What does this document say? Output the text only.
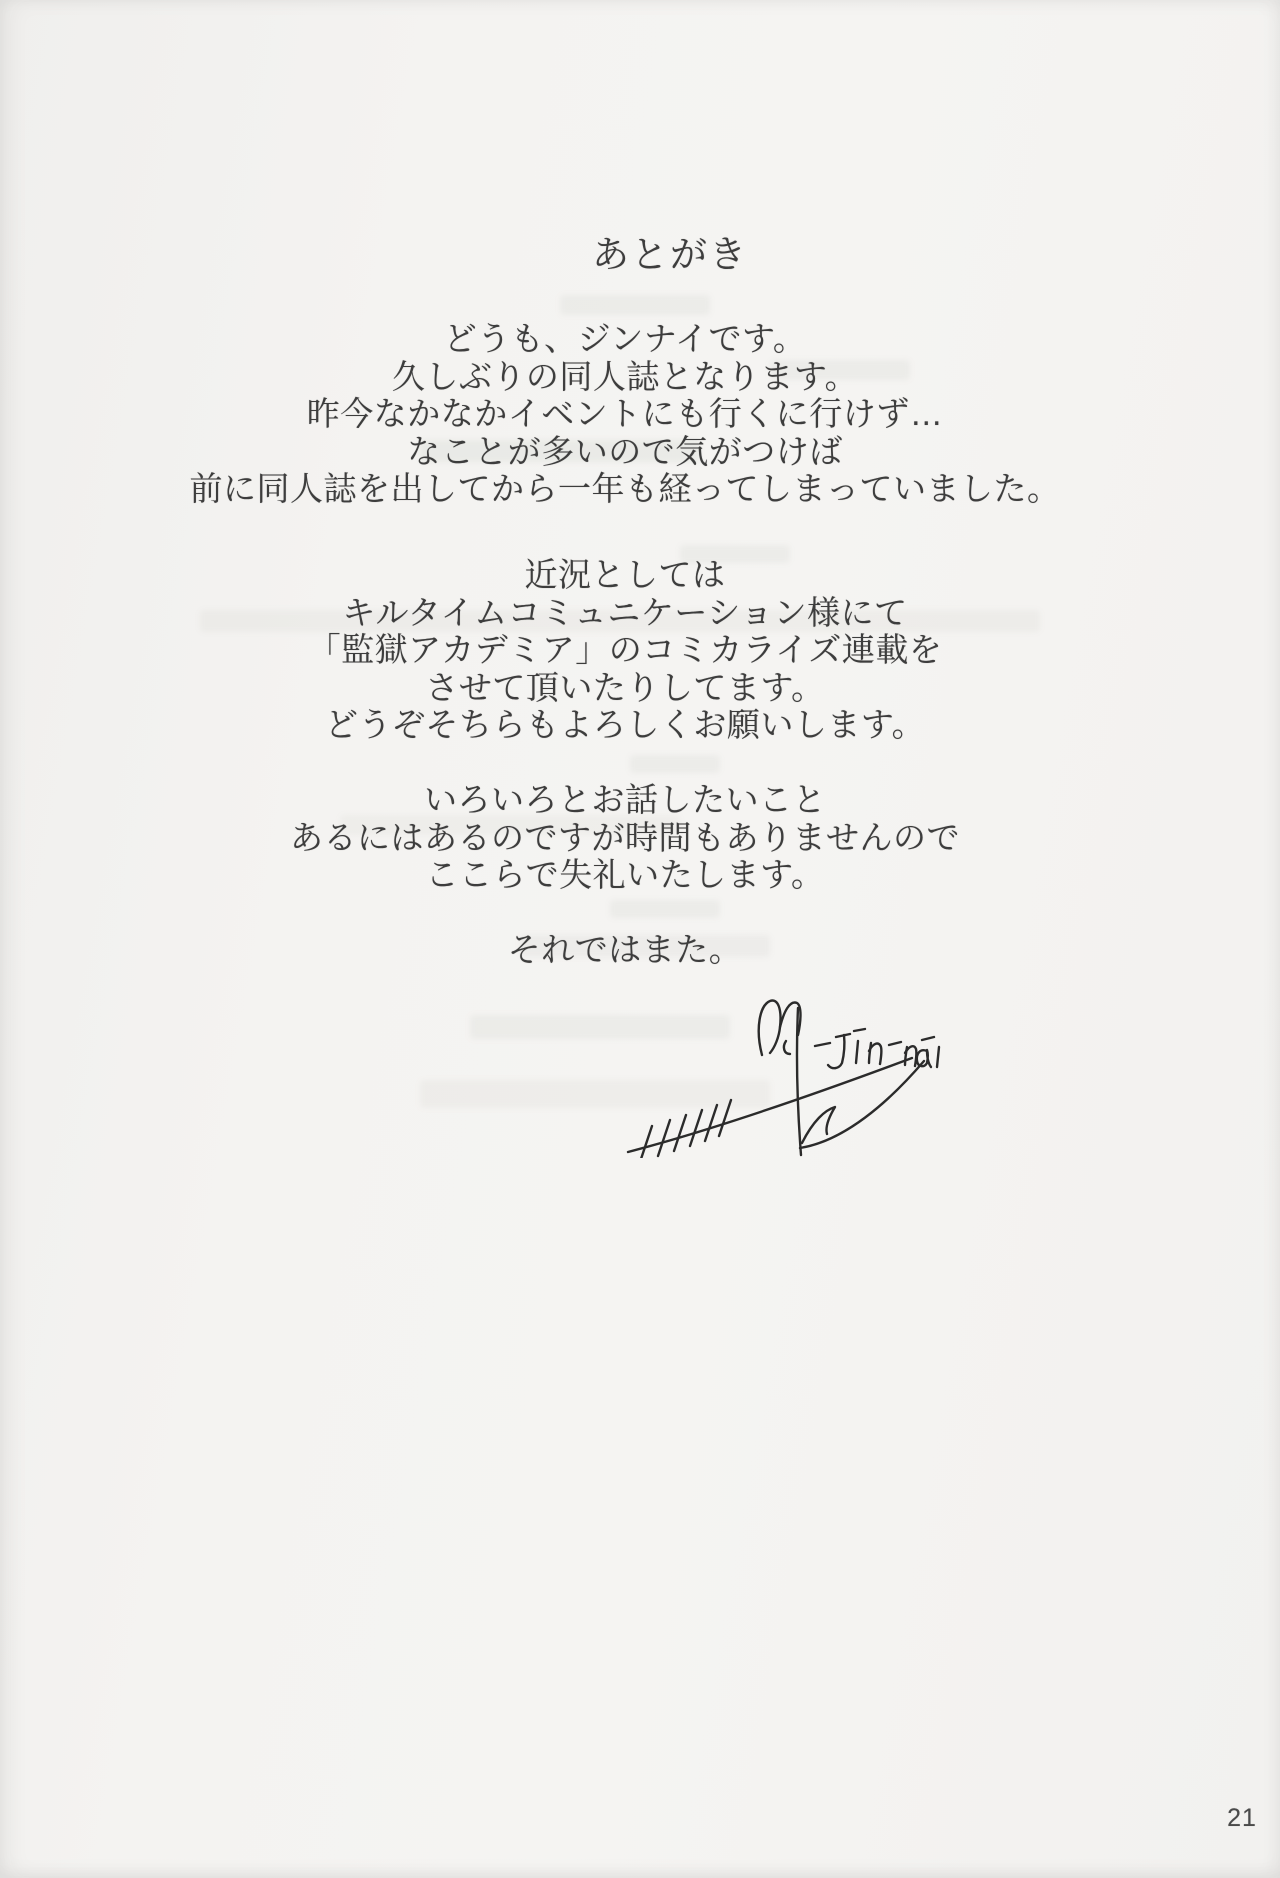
あとがき
どうも、ジンナイです。
久しぶりの同人誌となります。
昨今なかなかイベントにも行くに行けず…
なことが多いので気がつけば
前に同人誌を出してから一年も経ってしまっていました。
近況としては
キルタイムコミュニケーション様にて
「監獄アカデミア」のコミカライズ連載を
させて頂いたりしてます。
どうぞそちらもよろしくお願いします。
いろいろとお話したいこと
あるにはあるのですが時間もありませんので
ここらで失礼いたします。
それではまた。
21
